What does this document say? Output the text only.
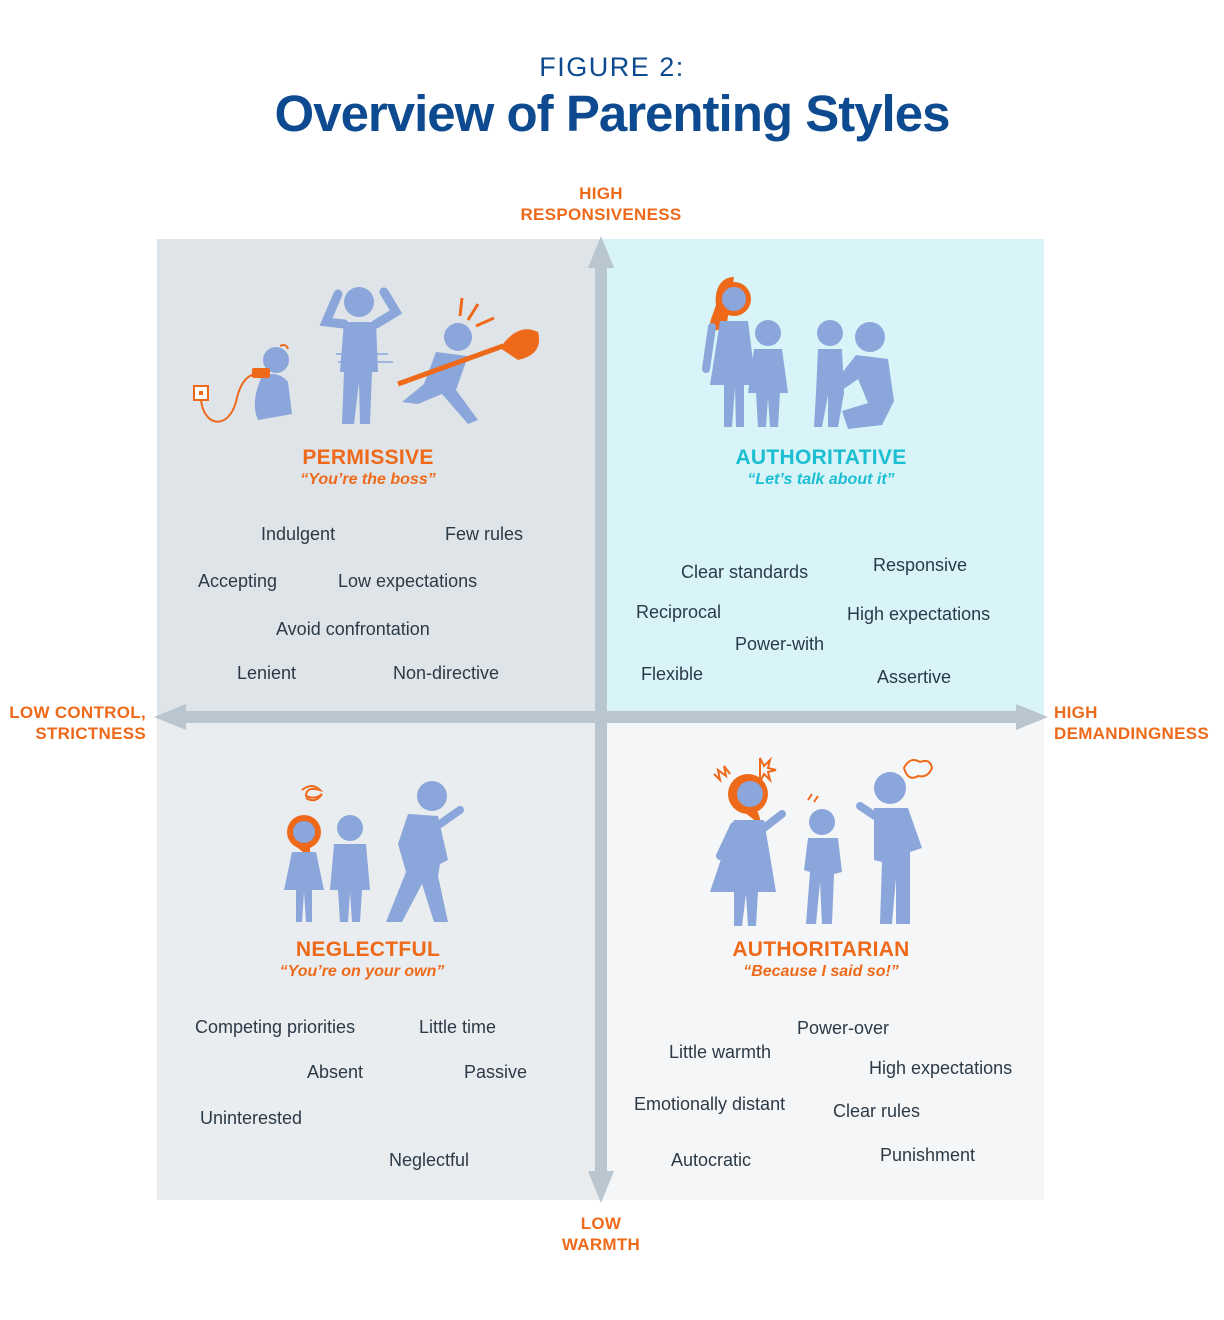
FIGURE 2:
Overview of Parenting Styles
HIGH
RESPONSIVENESS
LOW
WARMTH
LOW CONTROL,
STRICTNESS
HIGH
DEMANDINGNESS
PERMISSIVE
“You’re the boss”
Indulgent	Few rules
Accepting	Low expectations
Avoid confrontation
Lenient	Non-directive
AUTHORITATIVE
“Let’s talk about it”
Clear standards	Responsive
Reciprocal	High expectations
Power-with
Flexible	Assertive
NEGLECTFUL
“You’re on your own”
Competing priorities	Little time
Absent	Passive
Uninterested
Neglectful
AUTHORITARIAN
“Because I said so!”
Power-over
Little warmth
High expectations
Emotionally distant	Clear rules
Autocratic	Punishment
